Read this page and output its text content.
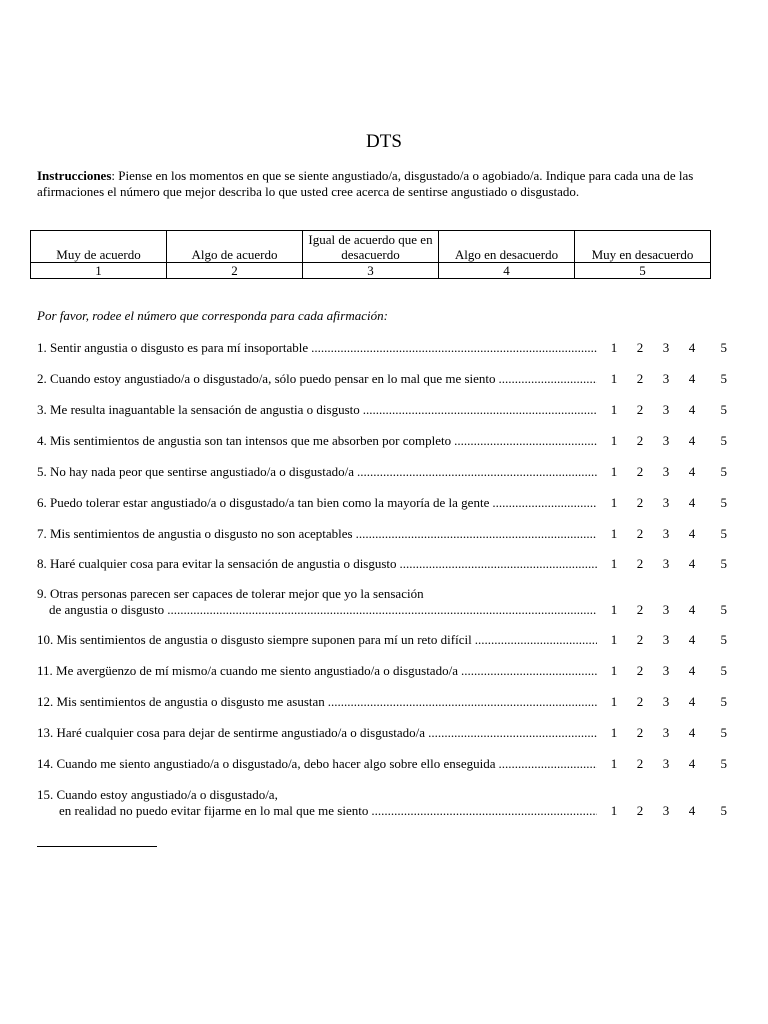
DTS
Instrucciones: Piense en los momentos en que se siente angustiado/a, disgustado/a o agobiado/a. Indique para cada una de las afirmaciones el número que mejor describa lo que usted cree acerca de sentirse angustiado o disgustado.
Muy de acuerdo	Algo de acuerdo	Igual de acuerdo que en desacuerdo	Algo en desacuerdo	Muy en desacuerdo
1	2	3	4	5
Por favor, rodee el número que corresponda para cada afirmación:
1. Sentir angustia o disgusto es para mí insoportable .....	1	2	3	4	5
2. Cuando estoy angustiado/a o disgustado/a, sólo puedo pensar en lo mal que me siento .....	1	2	3	4	5
3. Me resulta inaguantable la sensación de angustia o disgusto .....	1	2	3	4	5
4. Mis sentimientos de angustia son tan intensos que me absorben por completo .....	1	2	3	4	5
5. No hay nada peor que sentirse angustiado/a o disgustado/a .....	1	2	3	4	5
6. Puedo tolerar estar angustiado/a o disgustado/a tan bien como la mayoría de la gente .....	1	2	3	4	5
7. Mis sentimientos de angustia o disgusto no son aceptables .....	1	2	3	4	5
8. Haré cualquier cosa para evitar la sensación de angustia o disgusto .....	1	2	3	4	5
9. Otras personas parecen ser capaces de tolerar mejor que yo la sensación
de angustia o disgusto .....	1	2	3	4	5
10. Mis sentimientos de angustia o disgusto siempre suponen para mí un reto difícil .....	1	2	3	4	5
11. Me avergüenzo de mí mismo/a cuando me siento angustiado/a o disgustado/a .....	1	2	3	4	5
12. Mis sentimientos de angustia o disgusto me asustan .....	1	2	3	4	5
13. Haré cualquier cosa para dejar de sentirme angustiado/a o disgustado/a .....	1	2	3	4	5
14. Cuando me siento angustiado/a o disgustado/a, debo hacer algo sobre ello enseguida .....	1	2	3	4	5
15. Cuando estoy angustiado/a o disgustado/a,
en realidad no puedo evitar fijarme en lo mal que me siento .....	1	2	3	4	5
